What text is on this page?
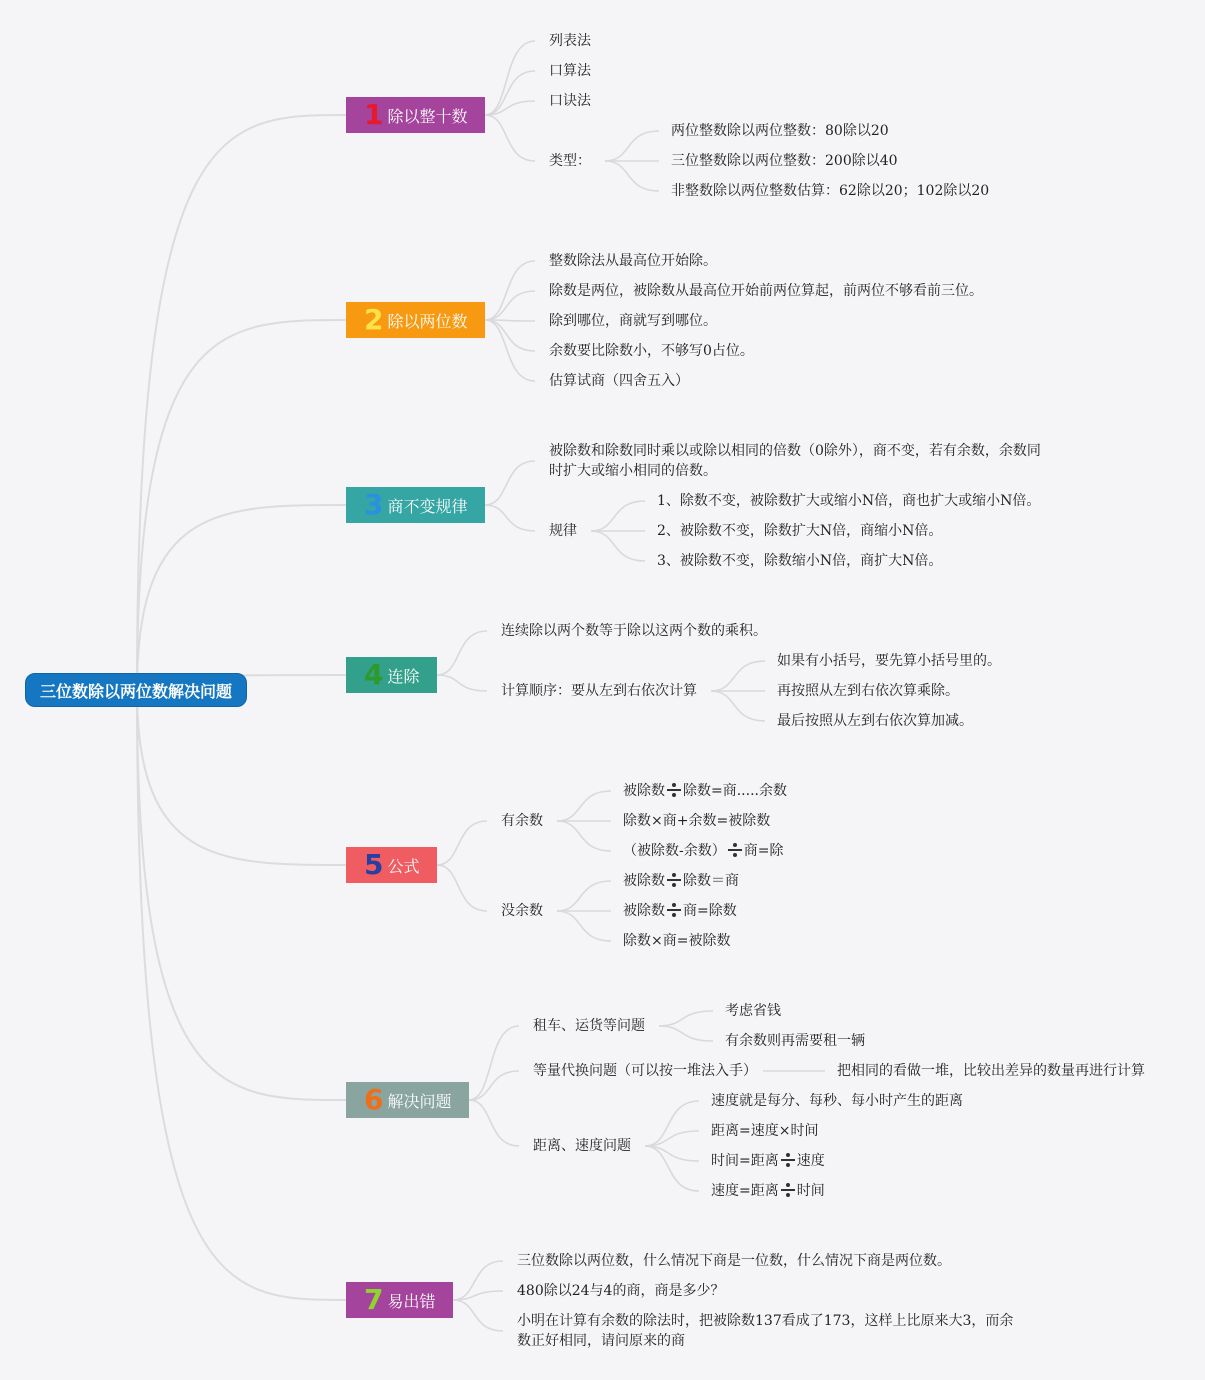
三位数除以两位数解决问题
1 除以整十数
列表法
口算法
口诀法
类型：
两位整数除以两位整数：80除以20
三位整数除以两位整数：200除以40
非整数除以两位整数估算：62除以20；102除以20
2 除以两位数
整数除法从最高位开始除。
除数是两位，被除数从最高位开始前两位算起，前两位不够看前三位。
除到哪位，商就写到哪位。
余数要比除数小，不够写0占位。
估算试商（四舍五入）
3 商不变规律
被除数和除数同时乘以或除以相同的倍数（0除外），商不变，若有余数，余数同时扩大或缩小相同的倍数。
规律
1、除数不变，被除数扩大或缩小N倍，商也扩大或缩小N倍。
2、被除数不变，除数扩大N倍，商缩小N倍。
3、被除数不变，除数缩小N倍，商扩大N倍。
4 连除
连续除以两个数等于除以这两个数的乘积。
计算顺序：要从左到右依次计算
如果有小括号，要先算小括号里的。
再按照从左到右依次算乘除。
最后按照从左到右依次算加减。
5 公式
有余数
被除数 除数=商.....余数
除数×商+余数=被除数
（被除数-余数） 商=除
没余数
被除数 除数＝商
被除数 商=除数
除数×商=被除数
6 解决问题
租车、运货等问题
考虑省钱
有余数则再需要租一辆
等量代换问题（可以按一堆法入手）	把相同的看做一堆，比较出差异的数量再进行计算
距离、速度问题
速度就是每分、每秒、每小时产生的距离
距离=速度×时间
时间=距离 速度
速度=距离 时间
7 易出错
三位数除以两位数，什么情况下商是一位数，什么情况下商是两位数。
480除以24与4的商，商是多少？
小明在计算有余数的除法时，把被除数137看成了173，这样上比原来大3，而余数正好相同，请问原来的商
